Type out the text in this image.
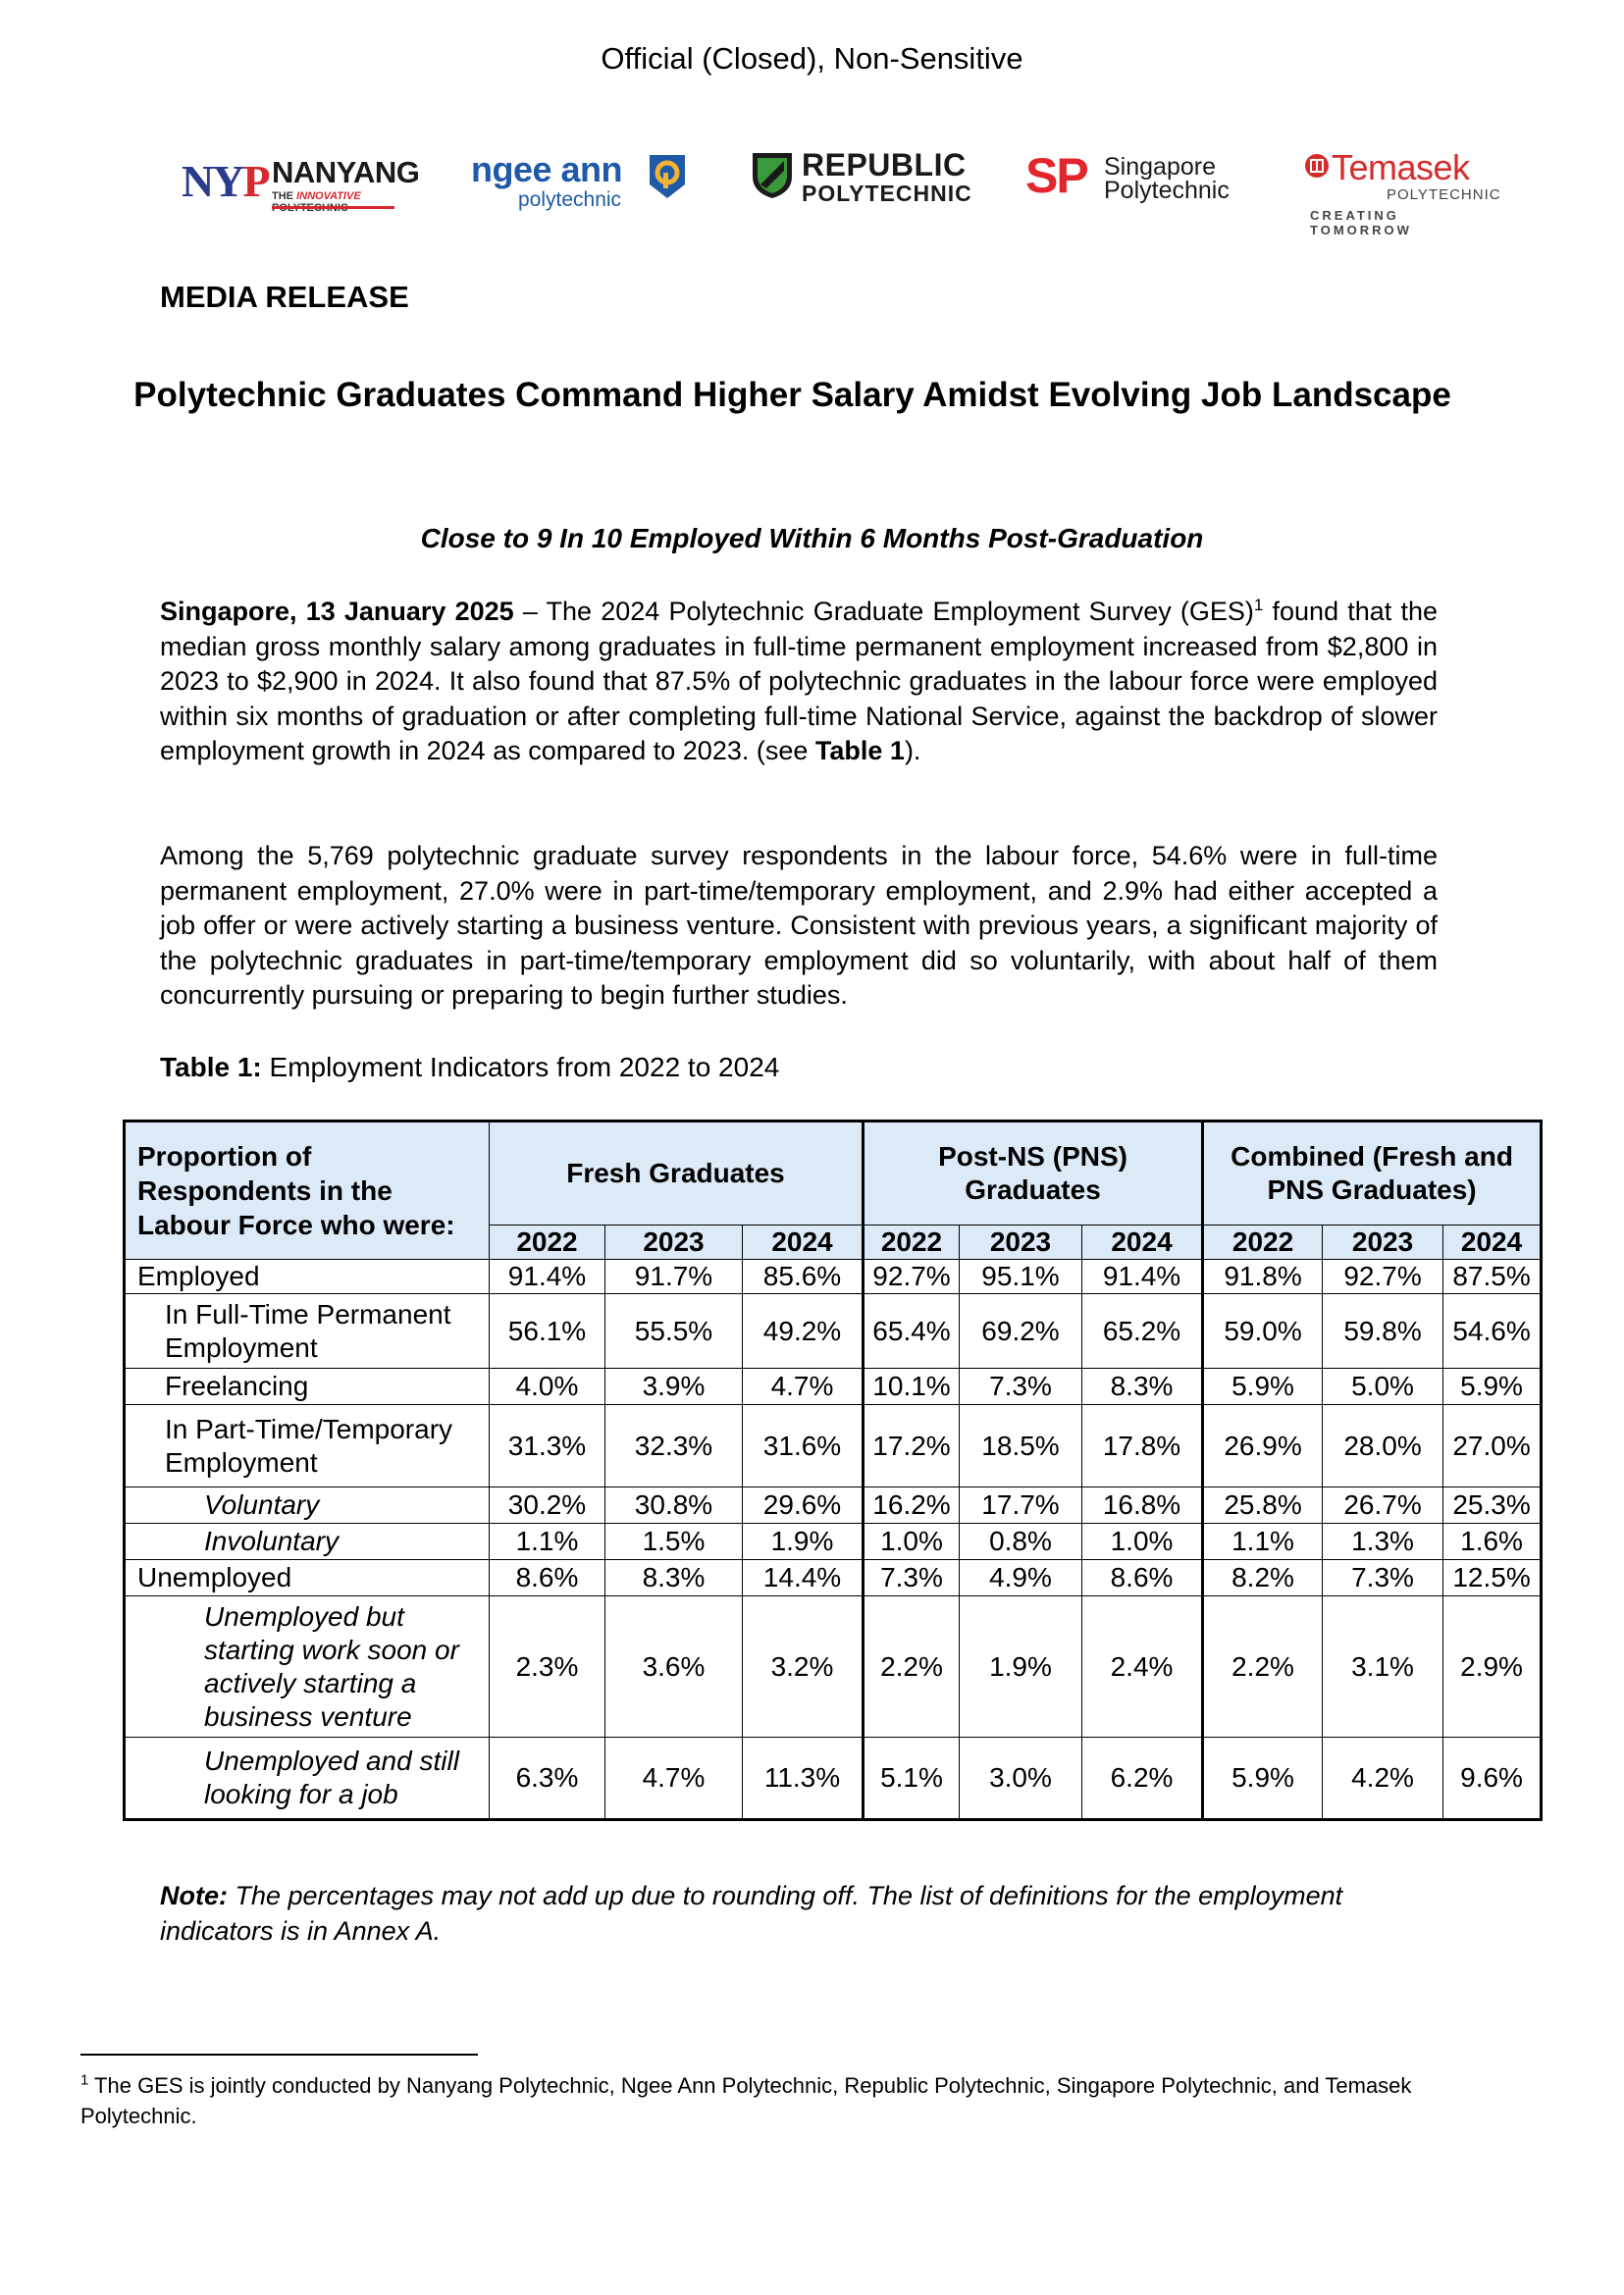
Official (Closed), Non-Sensitive
NYP NANYANG
THE INNOVATIVE
ngee ann
polytechnic
REPUBLIC
POLYTECHNIC SP Singapore
Polytechnic
Temasek
POLYTECHNIC
CREATING TOMORROW
MEDIA RELEASE
Polytechnic Graduates Command Higher Salary Amidst Evolving Job Landscape
Close to 9 In 10 Employed Within 6 Months Post-Graduation
Singapore, 13 January 2025 – The 2024 Polytechnic Graduate Employment Survey (GES)$^1$ found that the median gross monthly salary among graduates in full-time permanent employment increased from $2,800 in 2023 to $2,900 in 2024. It also found that 87.5% of polytechnic graduates in the labour force were employed within six months of graduation or after completing full-time National Service, against the backdrop of slower employment growth in 2024 as compared to 2023. (see Table 1).
Among the 5,769 polytechnic graduate survey respondents in the labour force, 54.6% were in full-time permanent employment, 27.0% were in part-time/temporary employment, and 2.9% had either accepted a job offer or were actively starting a business venture. Consistent with previous years, a significant majority of the polytechnic graduates in part-time/temporary employment did so voluntarily, with about half of them concurrently pursuing or preparing to begin further studies.
Table 1: Employment Indicators from 2022 to 2024
Proportion of Respondents in the Labour Force who were:	Fresh Graduates			Post-NS (PNS) Graduates			Combined (Fresh and PNS Graduates)		
	2022	2023	2024	2022	2023	2024	2022	2023	2024
Employed	91.4%	91.7%	85.6%	92.7%	95.1%	91.4%	91.8%	92.7%	87.5%
In Full-Time Permanent Employment	56.1%	55.5%	49.2%	65.4%	69.2%	65.2%	59.0%	59.8%	54.6%
Freelancing	4.0%	3.9%	4.7%	10.1%	7.3%	8.3%	5.9%	5.0%	5.9%
In Part-Time/Temporary Employment	31.3%	32.3%	31.6%	17.2%	18.5%	17.8%	26.9%	28.0%	27.0%
Voluntary	30.2%	30.8%	29.6%	16.2%	17.7%	16.8%	25.8%	26.7%	25.3%
Involuntary	1.1%	1.5%	1.9%	1.0%	0.8%	1.0%	1.1%	1.3%	1.6%
Unemployed	8.6%	8.3%	14.4%	7.3%	4.9%	8.6%	8.2%	7.3%	12.5%
Unemployed but starting work soon or actively starting a business venture	2.3%	3.6%	3.2%	2.2%	1.9%	2.4%	2.2%	3.1%	2.9%
Unemployed and still looking for a job	6.3%	4.7%	11.3%	5.1%	3.0%	6.2%	5.9%	4.2%	9.6%
Note: The percentages may not add up due to rounding off. The list of definitions for the employment indicators is in Annex A.
$^1$ The GES is jointly conducted by Nanyang Polytechnic, Ngee Ann Polytechnic, Republic Polytechnic, Singapore Polytechnic, and Temasek Polytechnic.
